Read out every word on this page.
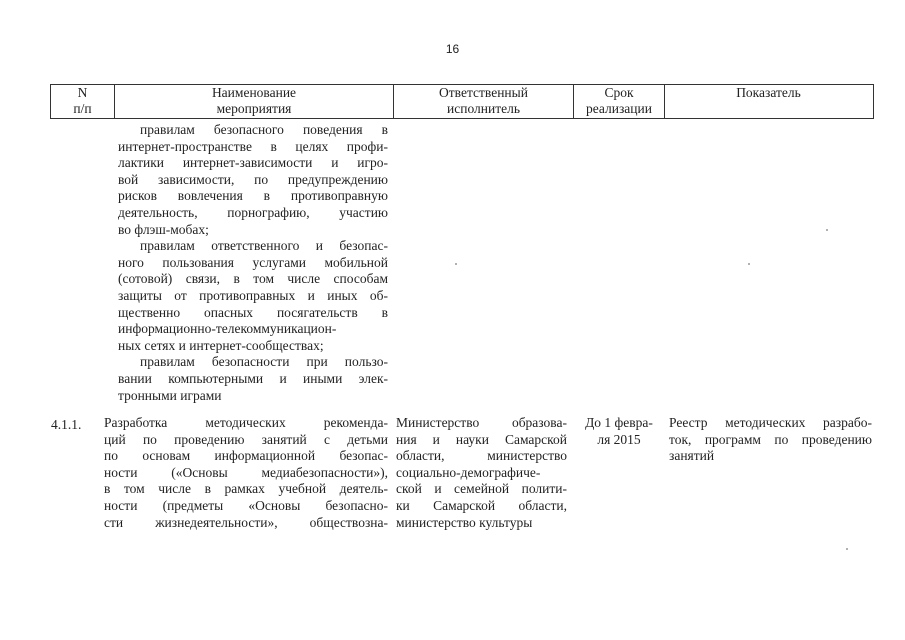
16
N
п/п
Наименование
мероприятия
Ответственный
исполнитель
Срок
реализации
Показатель
правилам безопасного поведения в
интернет-пространстве в целях профи-
лактики интернет-зависимости и игро-
вой зависимости, по предупреждению
рисков вовлечения в противоправную
деятельность, порнографию, участию
во флэш-мобах;
правилам ответственного и безопас-
ного пользования услугами мобильной
(сотовой) связи, в том числе способам
защиты от противоправных и иных об-
щественно опасных посягательств в
информационно-телекоммуникацион-
ных сетях и интернет-сообществах;
правилам безопасности при пользо-
вании компьютерными и иными элек-
тронными играми
4.1.1. Разработка методических рекоменда-
ций по проведению занятий с детьми
по основам информационной безопас-
ности («Основы медиабезопасности»),
в том числе в рамках учебной деятель-
ности (предметы «Основы безопасно-
сти жизнедеятельности», обществозна-
Министерство образова-
ния и науки Самарской
области, министерство
социально-демографиче-
ской и семейной полити-
ки Самарской области,
министерство культуры
До 1 февра-
ля 2015
Реестр методических разрабо-
ток, программ по проведению
занятий
